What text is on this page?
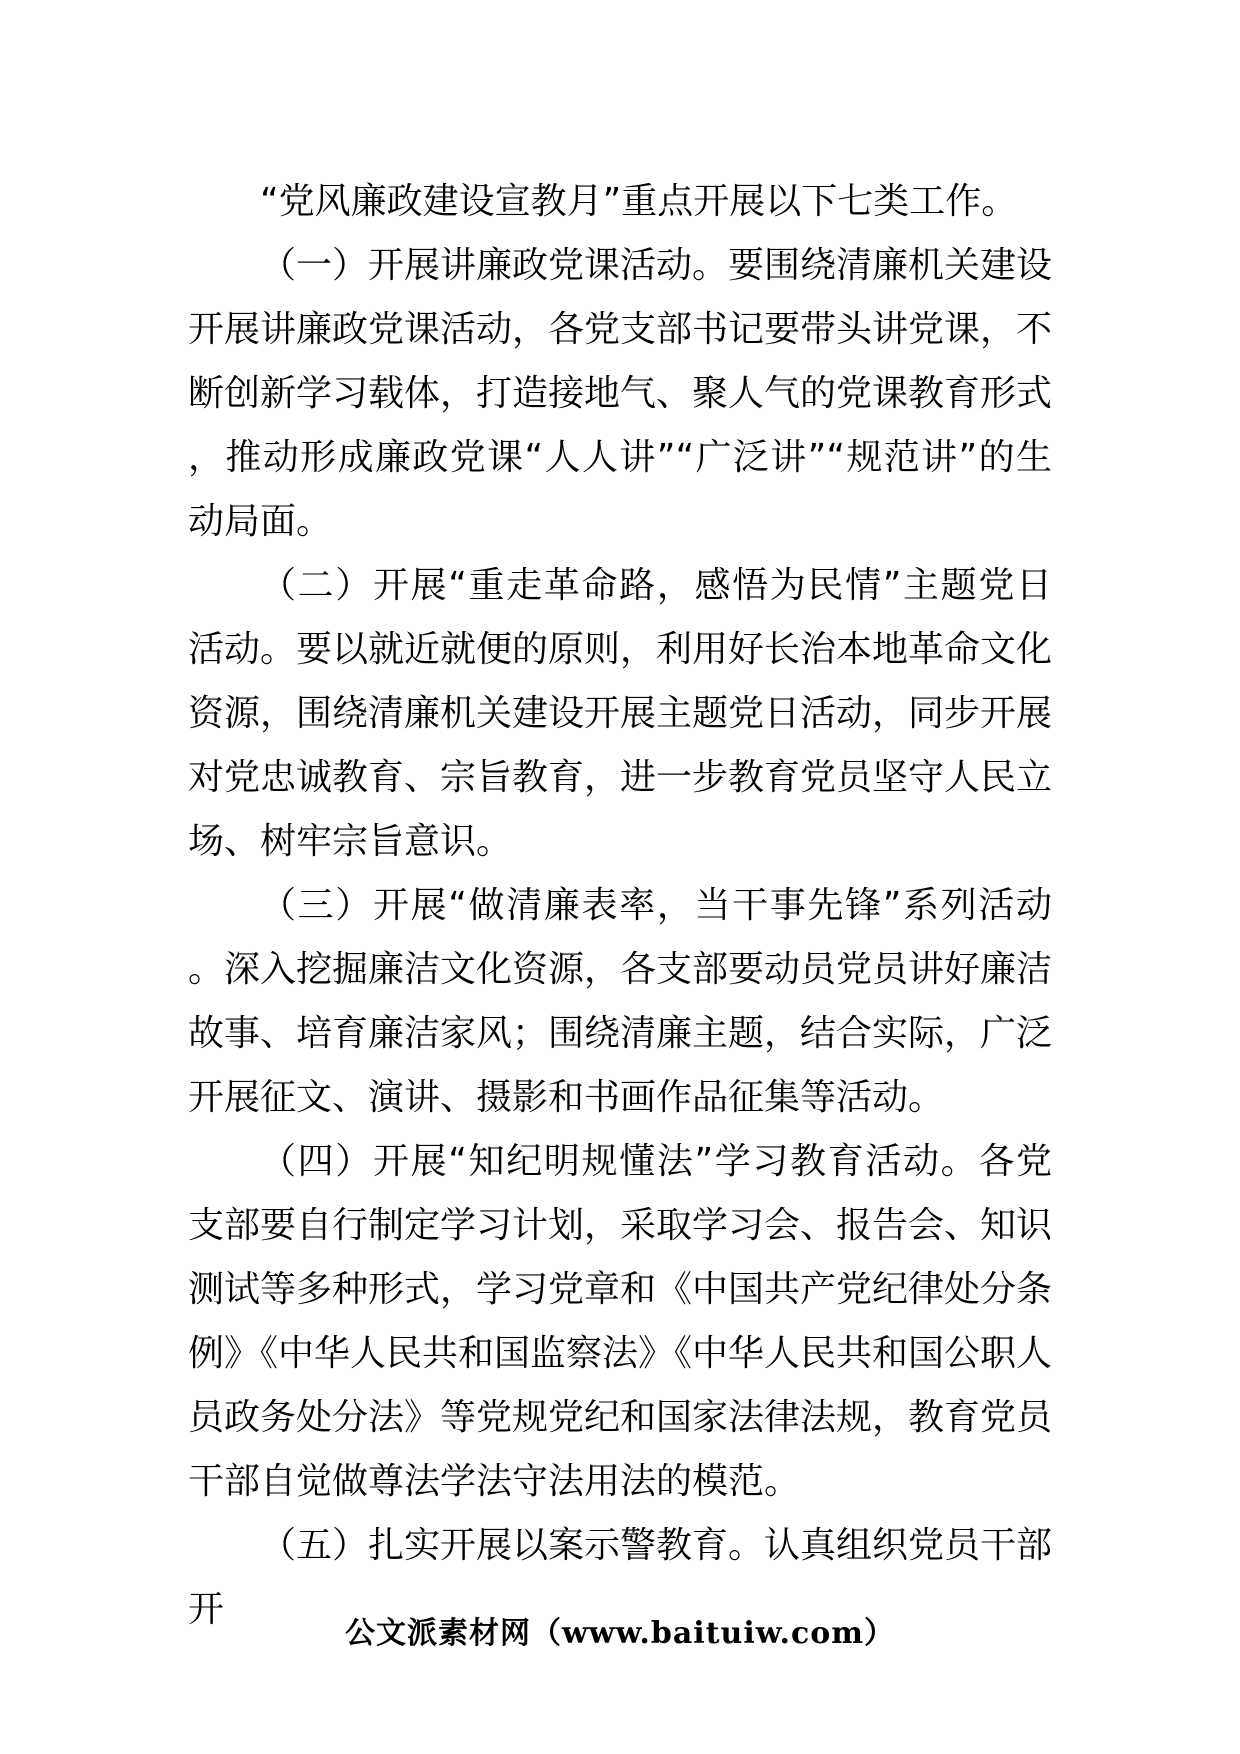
“党风廉政建设宣教月”重点开展以下七类工作。

（一）开展讲廉政党课活动。要围绕清廉机关建设开展讲廉政党课活动，各党支部书记要带头讲党课，不断创新学习载体，打造接地气、聚人气的党课教育形式，推动形成廉政党课“人人讲”“广泛讲”“规范讲”的生动局面。

（二）开展“重走革命路，感悟为民情”主题党日活动。要以就近就便的原则，利用好长治本地革命文化资源，围绕清廉机关建设开展主题党日活动，同步开展对党忠诚教育、宗旨教育，进一步教育党员坚守人民立场、树牢宗旨意识。

（三）开展“做清廉表率，当干事先锋”系列活动。深入挖掘廉洁文化资源，各支部要动员党员讲好廉洁故事、培育廉洁家风；围绕清廉主题，结合实际，广泛开展征文、演讲、摄影和书画作品征集等活动。

（四）开展“知纪明规懂法”学习教育活动。各党支部要自行制定学习计划，采取学习会、报告会、知识测试等多种形式，学习党章和《中国共产党纪律处分条例》《中华人民共和国监察法》《中华人民共和国公职人员政务处分法》等党规党纪和国家法律法规，教育党员干部自觉做尊法学法守法用法的模范。

（五）扎实开展以案示警教育。认真组织党员干部开

公文派素材网（www.baituiw.com）
